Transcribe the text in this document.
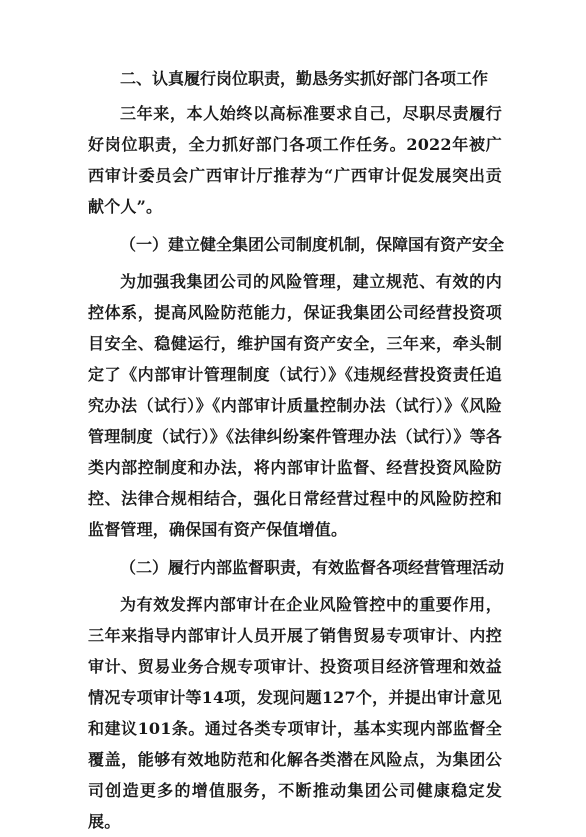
二、认真履行岗位职责，勤恳务实抓好部门各项工作

三年来，本人始终以高标准要求自己，尽职尽责履行好岗位职责，全力抓好部门各项工作任务。2022年被广西审计委员会广西审计厅推荐为“广西审计促发展突出贡献个人”。

（一）建立健全集团公司制度机制，保障国有资产安全

为加强我集团公司的风险管理，建立规范、有效的内控体系，提高风险防范能力，保证我集团公司经营投资项目安全、稳健运行，维护国有资产安全，三年来，牵头制定了《内部审计管理制度（试行）》《违规经营投资责任追究办法（试行）》《内部审计质量控制办法（试行）》《风险管理制度（试行）》《法律纠纷案件管理办法（试行）》等各类内部控制度和办法，将内部审计监督、经营投资风险防控、法律合规相结合，强化日常经营过程中的风险防控和监督管理，确保国有资产保值增值。

（二）履行内部监督职责，有效监督各项经营管理活动

为有效发挥内部审计在企业风险管控中的重要作用，三年来指导内部审计人员开展了销售贸易专项审计、内控审计、贸易业务合规专项审计、投资项目经济管理和效益情况专项审计等14项，发现问题127个，并提出审计意见和建议101条。通过各类专项审计，基本实现内部监督全覆盖，能够有效地防范和化解各类潜在风险点，为集团公司创造更多的增值服务，不断推动集团公司健康稳定发展。
